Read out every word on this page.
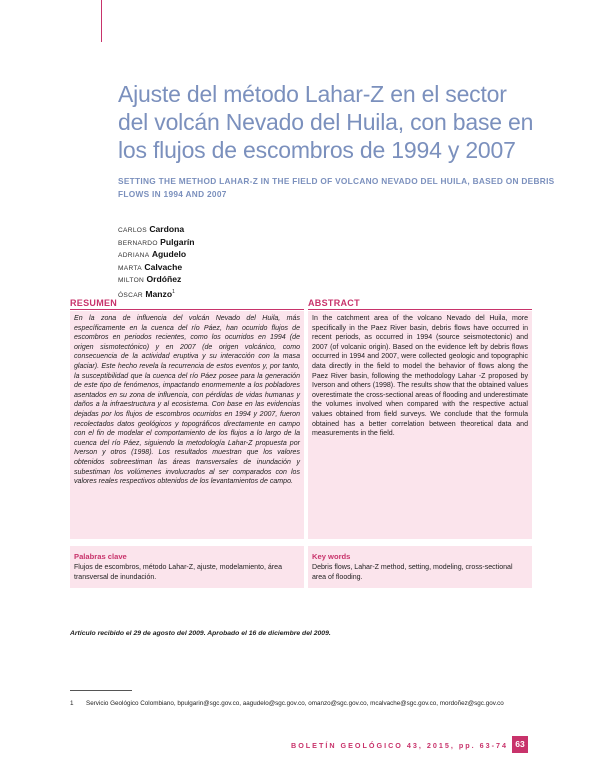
Ajuste del método Lahar-Z en el sector del volcán Nevado del Huila, con base en los flujos de escombros de 1994 y 2007
SETTING THE METHOD LAHAR-Z IN THE FIELD OF VOLCANO NEVADO DEL HUILA, BASED ON DEBRIS FLOWS IN 1994 AND 2007
CARLOS Cardona
BERNARDO Pulgarín
ADRIANA Agudelo
MARTA Calvache
MILTON Ordóñez
ÓSCAR Manzo$^1$
RESUMEN

En la zona de influencia del volcán Nevado del Huila, más específicamente en la cuenca del río Páez, han ocurrido flujos de escombros en periodos recientes, como los ocurridos en 1994 (de origen sismotectónico) y en 2007 (de origen volcánico, como consecuencia de la actividad eruptiva y su interacción con la masa glaciar). Este hecho revela la recurrencia de estos eventos y, por tanto, la susceptibilidad que la cuenca del río Páez posee para la generación de este tipo de fenómenos, impactando enormemente a los pobladores asentados en su zona de influencia, con pérdidas de vidas humanas y daños a la infraestructura y al ecosistema. Con base en las evidencias dejadas por los flujos de escombros ocurridos en 1994 y 2007, fueron recolectados datos geológicos y topográficos directamente en campo con el fin de modelar el comportamiento de los flujos a lo largo de la cuenca del río Páez, siguiendo la metodología Lahar-Z propuesta por Iverson y otros (1998). Los resultados muestran que los valores obtenidos sobreestiman las áreas transversales de inundación y subestiman los volúmenes involucrados al ser comparados con los valores reales respectivos obtenidos de los levantamientos de campo.

ABSTRACT

In the catchment area of the volcano Nevado del Huila, more specifically in the Paez River basin, debris flows have occurred in recent periods, as occurred in 1994 (source seismotectonic) and 2007 (of volcanic origin). Based on the evidence left by debris flows occurred in 1994 and 2007, were collected geologic and topographic data directly in the field to model the behavior of flows along the Paez River basin, following the methodology Lahar -Z proposed by Iverson and others (1998). The results show that the obtained values overestimate the cross-sectional areas of flooding and underestimate the volumes involved when compared with the respective actual values obtained from field surveys. We conclude that the formula obtained has a better correlation between theoretical data and measurements in the field.

Palabras clave
Flujos de escombros, método Lahar-Z, ajuste, modelamiento, área transversal de inundación.
Key words
Debris flows, Lahar-Z method, setting, modeling, cross-sectional area of flooding.
Artículo recibido el 29 de agosto del 2009. Aprobado el 16 de diciembre del 2009.
1 Servicio Geológico Colombiano, bpulgarin@sgc.gov.co, aagudelo@sgc.gov.co, omanzo@sgc.gov.co, mcalvache@sgc.gov.co, mordoñez@sgc.gov.co

BOLETÍN GEOLÓGICO 43, 2015, pp. 63-74 63
